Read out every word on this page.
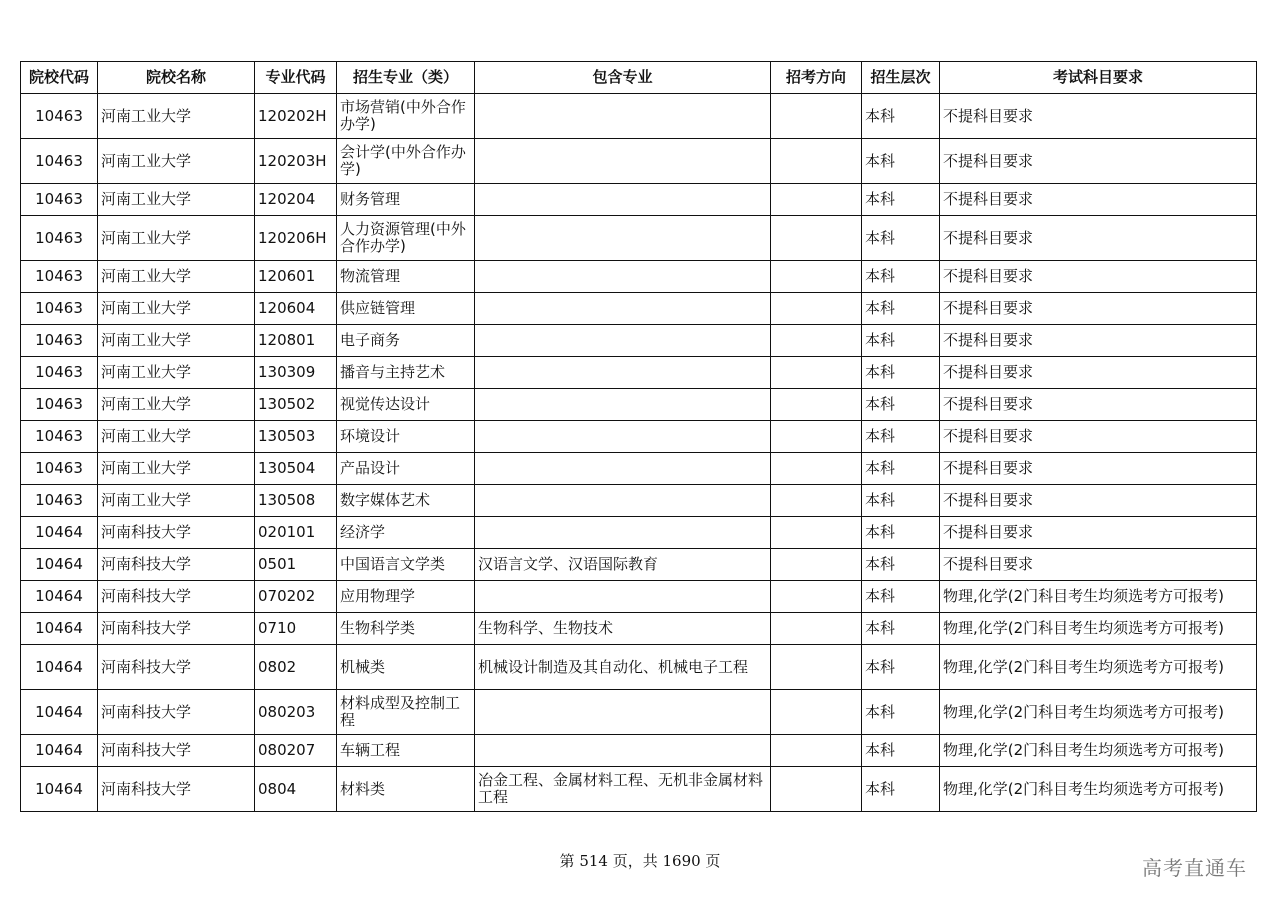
院校代码	院校名称	专业代码	招生专业（类）	包含专业	招考方向	招生层次	考试科目要求
10463	河南工业大学	120202H	市场营销(中外合作办学)			本科	不提科目要求
10463	河南工业大学	120203H	会计学(中外合作办学)			本科	不提科目要求
10463	河南工业大学	120204	财务管理			本科	不提科目要求
10463	河南工业大学	120206H	人力资源管理(中外合作办学)			本科	不提科目要求
10463	河南工业大学	120601	物流管理			本科	不提科目要求
10463	河南工业大学	120604	供应链管理			本科	不提科目要求
10463	河南工业大学	120801	电子商务			本科	不提科目要求
10463	河南工业大学	130309	播音与主持艺术			本科	不提科目要求
10463	河南工业大学	130502	视觉传达设计			本科	不提科目要求
10463	河南工业大学	130503	环境设计			本科	不提科目要求
10463	河南工业大学	130504	产品设计			本科	不提科目要求
10463	河南工业大学	130508	数字媒体艺术			本科	不提科目要求
10464	河南科技大学	020101	经济学			本科	不提科目要求
10464	河南科技大学	0501	中国语言文学类	汉语言文学、汉语国际教育		本科	不提科目要求
10464	河南科技大学	070202	应用物理学			本科	物理,化学(2门科目考生均须选考方可报考)
10464	河南科技大学	0710	生物科学类	生物科学、生物技术		本科	物理,化学(2门科目考生均须选考方可报考)
10464	河南科技大学	0802	机械类	机械设计制造及其自动化、机械电子工程		本科	物理,化学(2门科目考生均须选考方可报考)
10464	河南科技大学	080203	材料成型及控制工程			本科	物理,化学(2门科目考生均须选考方可报考)
10464	河南科技大学	080207	车辆工程			本科	物理,化学(2门科目考生均须选考方可报考)
10464	河南科技大学	0804	材料类	冶金工程、金属材料工程、无机非金属材料工程		本科	物理,化学(2门科目考生均须选考方可报考)
第 514 页，共 1690 页	高考直通车
